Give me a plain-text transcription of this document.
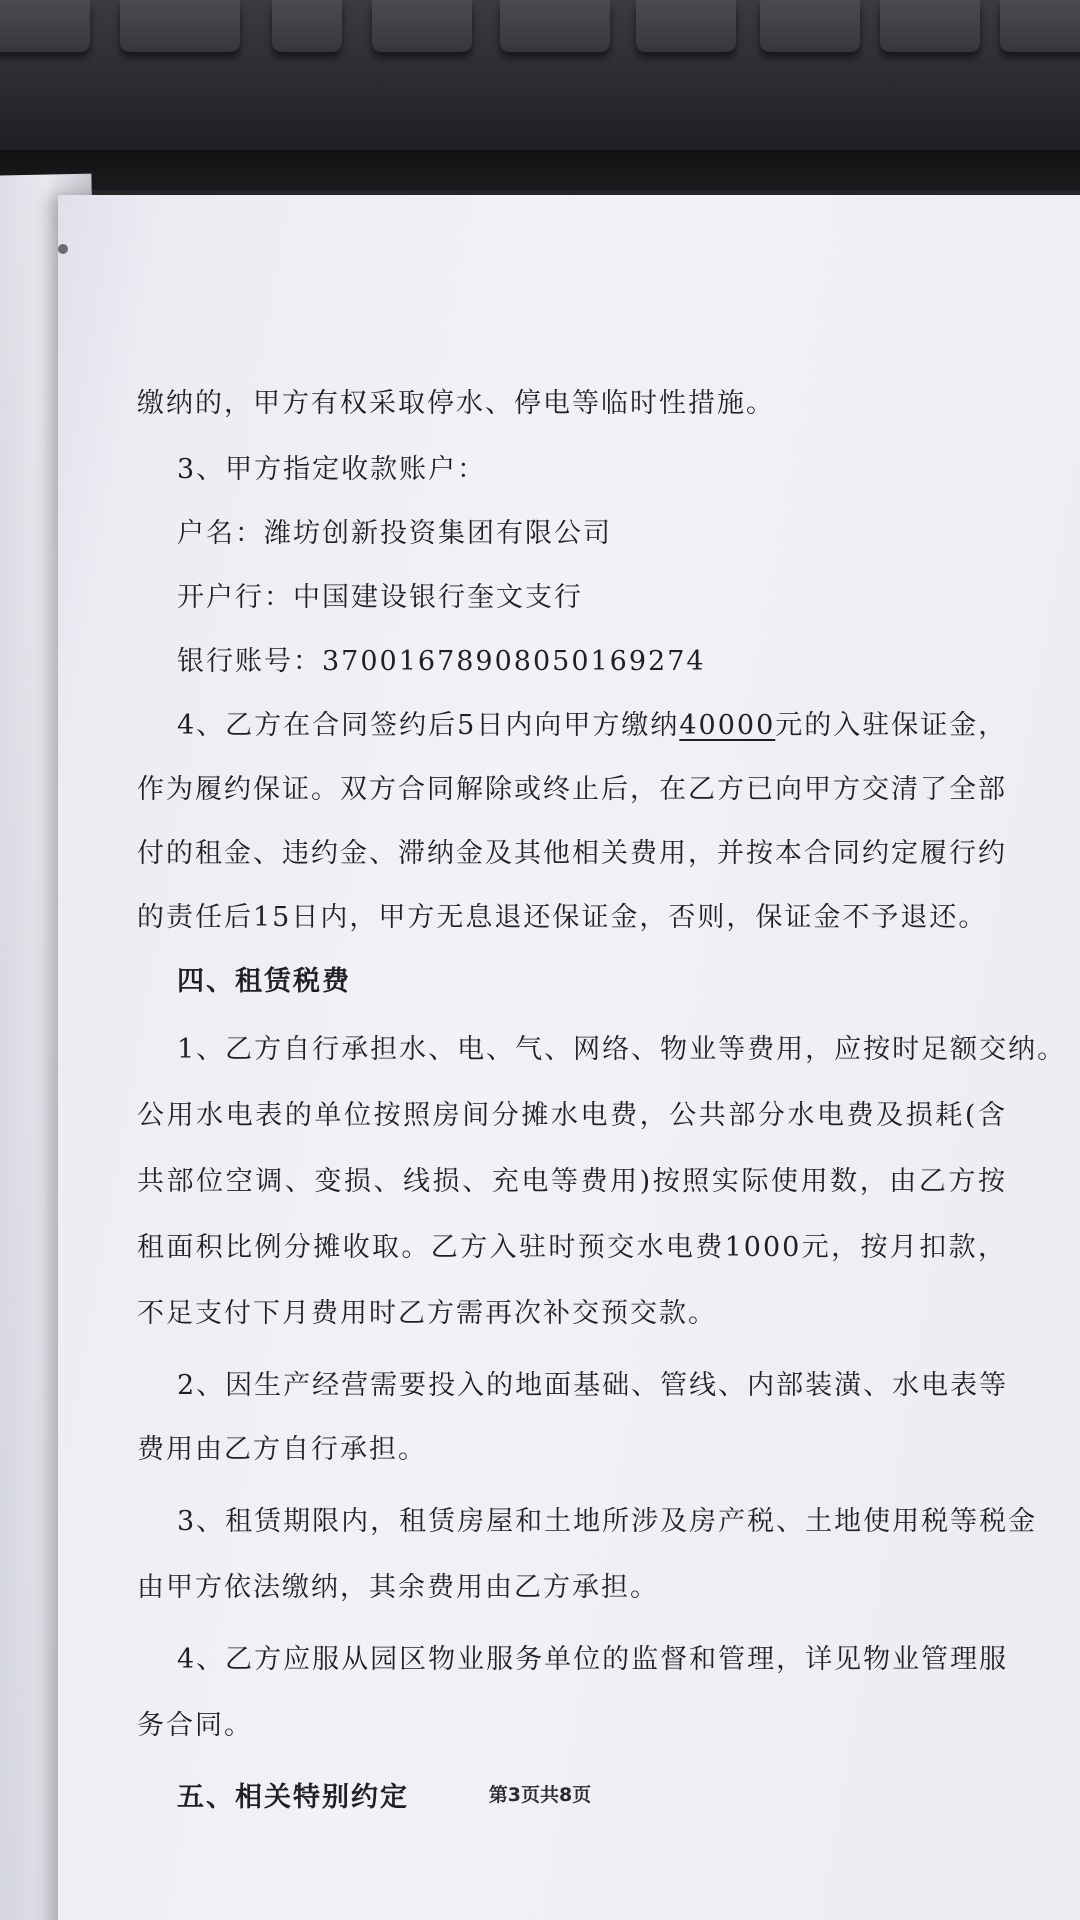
缴纳的，甲方有权采取停水、停电等临时性措施。
3、甲方指定收款账户：
户名：潍坊创新投资集团有限公司
开户行：中国建设银行奎文支行
银行账号：37001678908050169274
4、乙方在合同签约后5日内向甲方缴纳40000元的入驻保证金，
作为履约保证。双方合同解除或终止后，在乙方已向甲方交清了全部
付的租金、违约金、滞纳金及其他相关费用，并按本合同约定履行约
的责任后15日内，甲方无息退还保证金，否则，保证金不予退还。
四、租赁税费
1、乙方自行承担水、电、气、网络、物业等费用，应按时足额交纳。
公用水电表的单位按照房间分摊水电费，公共部分水电费及损耗(含
共部位空调、变损、线损、充电等费用)按照实际使用数，由乙方按
租面积比例分摊收取。乙方入驻时预交水电费1000元，按月扣款，
不足支付下月费用时乙方需再次补交预交款。
2、因生产经营需要投入的地面基础、管线、内部装潢、水电表等
费用由乙方自行承担。
3、租赁期限内，租赁房屋和土地所涉及房产税、土地使用税等税金
由甲方依法缴纳，其余费用由乙方承担。
4、乙方应服从园区物业服务单位的监督和管理，详见物业管理服
务合同。
五、相关特别约定	第3页共8页
